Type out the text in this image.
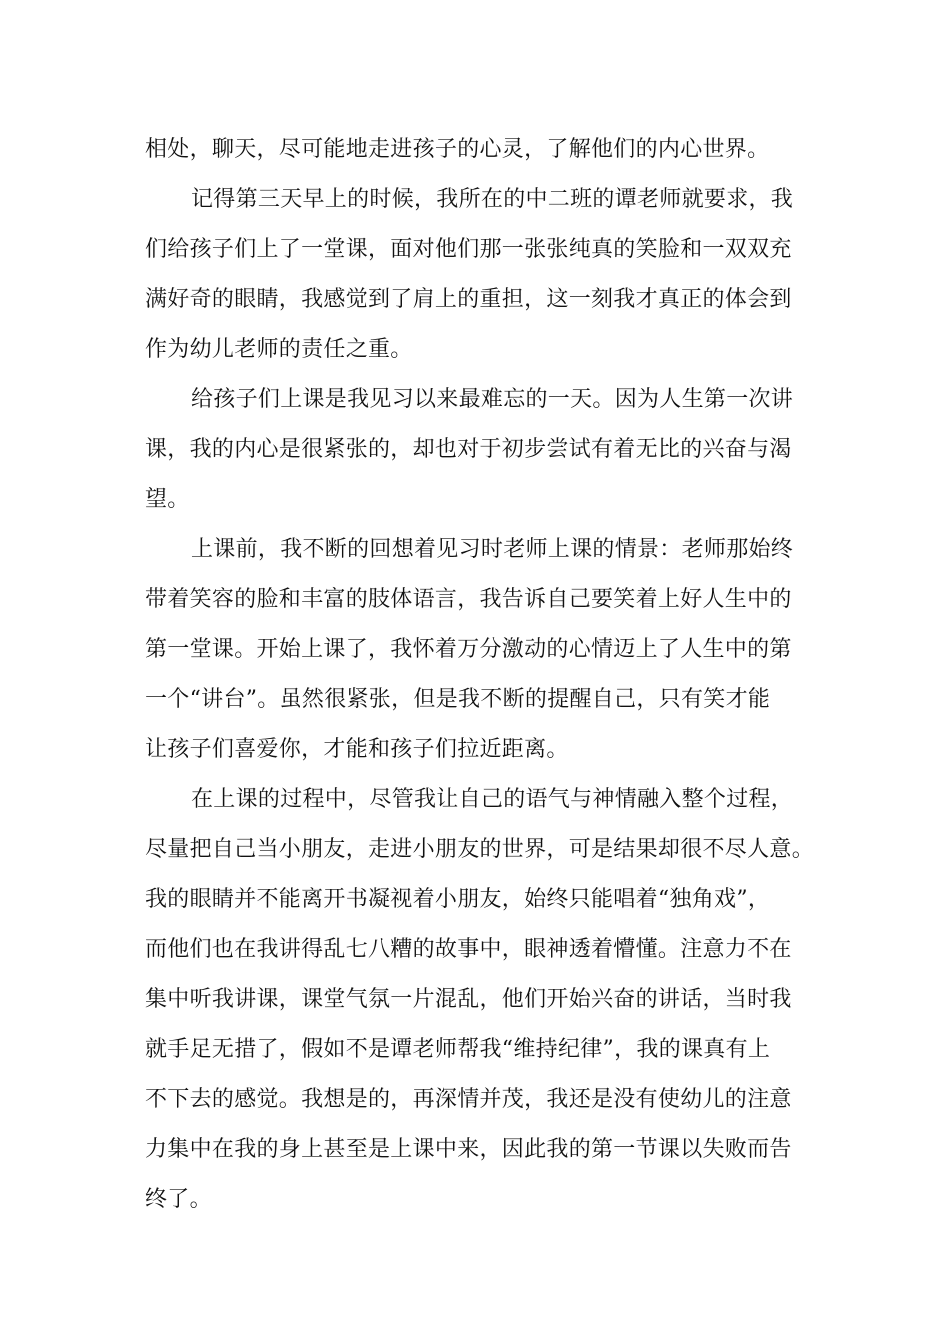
相处，聊天，尽可能地走进孩子的心灵，了解他们的内心世界。
记得第三天早上的时候，我所在的中二班的谭老师就要求，我
们给孩子们上了一堂课，面对他们那一张张纯真的笑脸和一双双充
满好奇的眼睛，我感觉到了肩上的重担，这一刻我才真正的体会到
作为幼儿老师的责任之重。
给孩子们上课是我见习以来最难忘的一天。因为人生第一次讲
课，我的内心是很紧张的，却也对于初步尝试有着无比的兴奋与渴
望。
上课前，我不断的回想着见习时老师上课的情景：老师那始终
带着笑容的脸和丰富的肢体语言，我告诉自己要笑着上好人生中的
第一堂课。开始上课了，我怀着万分激动的心情迈上了人生中的第
一个“讲台”。虽然很紧张，但是我不断的提醒自己，只有笑才能
让孩子们喜爱你，才能和孩子们拉近距离。
在上课的过程中，尽管我让自己的语气与神情融入整个过程，
尽量把自己当小朋友，走进小朋友的世界，可是结果却很不尽人意。
我的眼睛并不能离开书凝视着小朋友，始终只能唱着“独角戏”，
而他们也在我讲得乱七八糟的故事中，眼神透着懵懂。注意力不在
集中听我讲课，课堂气氛一片混乱，他们开始兴奋的讲话，当时我
就手足无措了，假如不是谭老师帮我“维持纪律”，我的课真有上
不下去的感觉。我想是的，再深情并茂，我还是没有使幼儿的注意
力集中在我的身上甚至是上课中来，因此我的第一节课以失败而告
终了。
